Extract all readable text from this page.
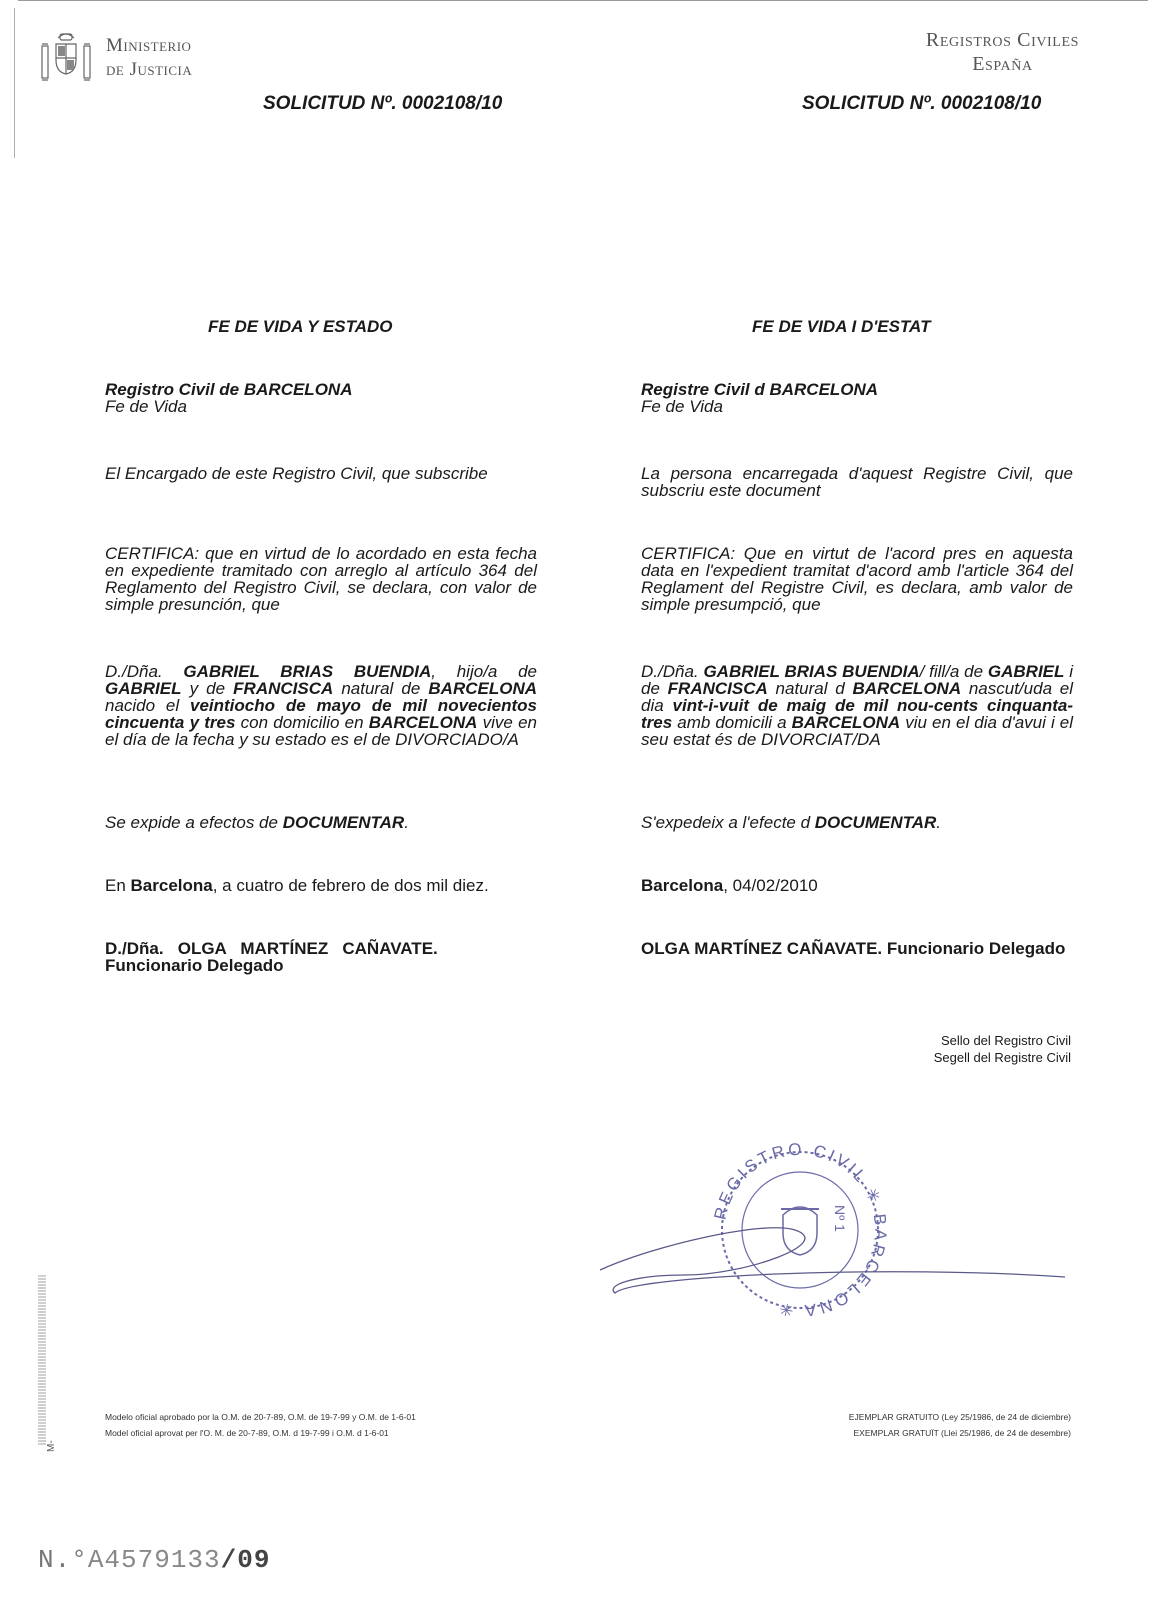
Ministerio
de Justicia
Registros Civiles
España
SOLICITUD Nº. 0002108/10	SOLICITUD Nº. 0002108/10
FE DE VIDA Y ESTADO	FE DE VIDA I D'ESTAT

Registro Civil de BARCELONA

Fe de Vida

El Encargado de este Registro Civil, que subscribe

CERTIFICA: que en virtud de lo acordado en esta fecha en expediente tramitado con arreglo al artículo 364 del Reglamento del Registro Civil, se declara, con valor de simple presunción, que

D./Dña. GABRIEL BRIAS BUENDIA, hijo/a de GABRIEL y de FRANCISCA natural de BARCELONA nacido el veintiocho de mayo de mil novecientos cincuenta y tres con domicilio en BARCELONA vive en el día de la fecha y su estado es el de DIVORCIADO/A

Se expide a efectos de DOCUMENTAR.

En Barcelona, a cuatro de febrero de dos mil diez.

D./Dña.   OLGA   MARTÍNEZ   CAÑAVATE.

Funcionario Delegado

Registre Civil d BARCELONA

Fe de Vida

La persona encarregada d'aquest Registre Civil, que subscriu este document

CERTIFICA: Que en virtut de l'acord pres en aquesta data en l'expedient tramitat d'acord amb l'article 364 del Reglament del Registre Civil, es declara, amb valor de simple presumpció, que

D./Dña. GABRIEL BRIAS BUENDIA/ fill/a de GABRIEL i de FRANCISCA natural d BARCELONA nascut/uda el dia vint-i-vuit de maig de mil nou-cents cinquanta-tres amb domicili a BARCELONA viu en el dia d'avui i el seu estat és de DIVORCIAT/DA

S'expedeix a l'efecte d DOCUMENTAR.

Barcelona, 04/02/2010

OLGA MARTÍNEZ CAÑAVATE. Funcionario Delegado

Sello del Registro Civil
Segell del Registre Civil
REGISTRO CIVIL ✳ BARCELONA ✳
Nº 1
Modelo oficial aprobado por la O.M. de 20-7-89, O.M. de 19-7-99 y O.M. de 1-6-01
Model oficial aprovat per l'O. M. de 20-7-89, O.M. d 19-7-99 i O.M. d 1-6-01
EJEMPLAR GRATUITO (Ley 25/1986, de 24 de diciembre)
EXEMPLAR GRATUÏT (Llei 25/1986, de 24 de desembre)
M-
N.°A4579133/09
